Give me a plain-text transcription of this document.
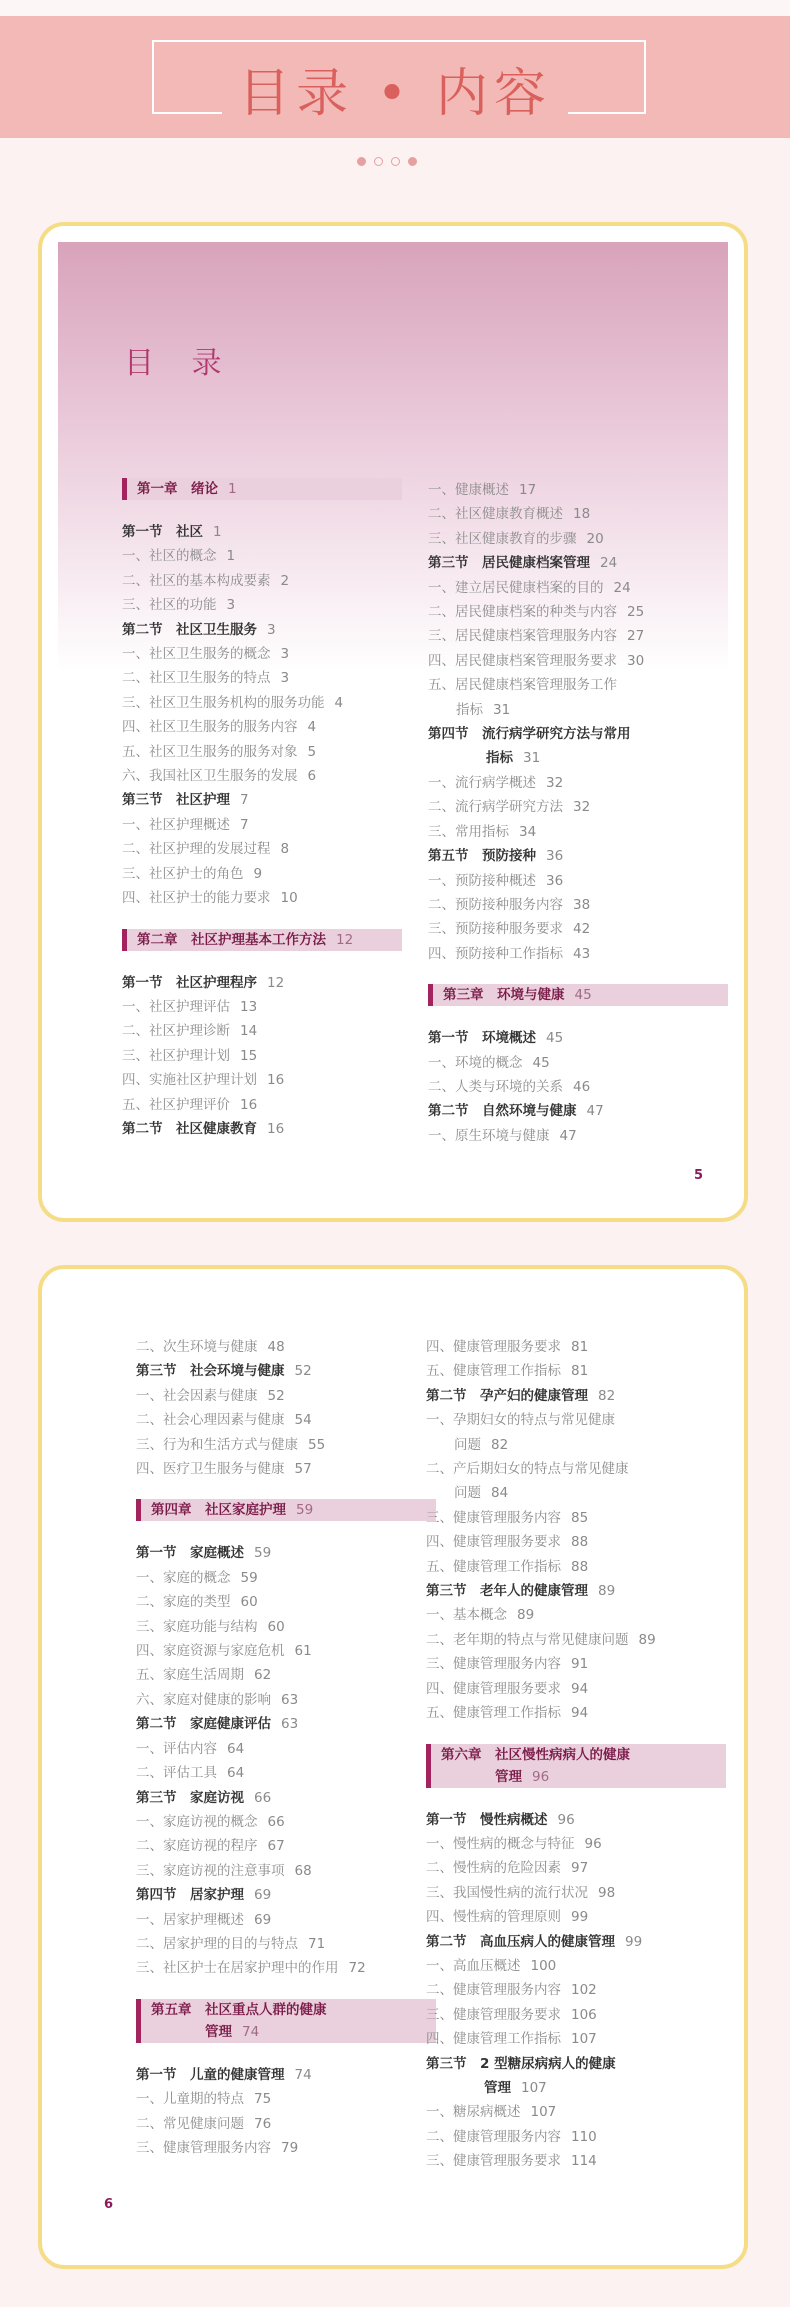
目录 • 内容
目 录
第一章　绪论 1
第一节　社区 1
一、社区的概念 1
二、社区的基本构成要素 2
三、社区的功能 3
第二节　社区卫生服务 3
一、社区卫生服务的概念 3
二、社区卫生服务的特点 3
三、社区卫生服务机构的服务功能 4
四、社区卫生服务的服务内容 4
五、社区卫生服务的服务对象 5
六、我国社区卫生服务的发展 6
第三节　社区护理 7
一、社区护理概述 7
二、社区护理的发展过程 8
三、社区护士的角色 9
四、社区护士的能力要求 10
第二章　社区护理基本工作方法 12
第一节　社区护理程序 12
一、社区护理评估 13
二、社区护理诊断 14
三、社区护理计划 15
四、实施社区护理计划 16
五、社区护理评价 16
第二节　社区健康教育 16
一、健康概述 17
二、社区健康教育概述 18
三、社区健康教育的步骤 20
第三节　居民健康档案管理 24
一、建立居民健康档案的目的 24
二、居民健康档案的种类与内容 25
三、居民健康档案管理服务内容 27
四、居民健康档案管理服务要求 30
五、居民健康档案管理服务工作
指标 31
第四节　流行病学研究方法与常用
指标 31
一、流行病学概述 32
二、流行病学研究方法 32
三、常用指标 34
第五节　预防接种 36
一、预防接种概述 36
二、预防接种服务内容 38
三、预防接种服务要求 42
四、预防接种工作指标 43
第三章　环境与健康 45
第一节　环境概述 45
一、环境的概念 45
二、人类与环境的关系 46
第二节　自然环境与健康 47
一、原生环境与健康 47
5
二、次生环境与健康 48
第三节　社会环境与健康 52
一、社会因素与健康 52
二、社会心理因素与健康 54
三、行为和生活方式与健康 55
四、医疗卫生服务与健康 57
第四章　社区家庭护理 59
第一节　家庭概述 59
一、家庭的概念 59
二、家庭的类型 60
三、家庭功能与结构 60
四、家庭资源与家庭危机 61
五、家庭生活周期 62
六、家庭对健康的影响 63
第二节　家庭健康评估 63
一、评估内容 64
二、评估工具 64
第三节　家庭访视 66
一、家庭访视的概念 66
二、家庭访视的程序 67
三、家庭访视的注意事项 68
第四节　居家护理 69
一、居家护理概述 69
二、居家护理的目的与特点 71
三、社区护士在居家护理中的作用 72
第五章　社区重点人群的健康
管理 74
第一节　儿童的健康管理 74
一、儿童期的特点 75
二、常见健康问题 76
三、健康管理服务内容 79
四、健康管理服务要求 81
五、健康管理工作指标 81
第二节　孕产妇的健康管理 82
一、孕期妇女的特点与常见健康
问题 82
二、产后期妇女的特点与常见健康
问题 84
三、健康管理服务内容 85
四、健康管理服务要求 88
五、健康管理工作指标 88
第三节　老年人的健康管理 89
一、基本概念 89
二、老年期的特点与常见健康问题 89
三、健康管理服务内容 91
四、健康管理服务要求 94
五、健康管理工作指标 94
第六章　社区慢性病病人的健康
管理 96
第一节　慢性病概述 96
一、慢性病的概念与特征 96
二、慢性病的危险因素 97
三、我国慢性病的流行状况 98
四、慢性病的管理原则 99
第二节　高血压病人的健康管理 99
一、高血压概述 100
二、健康管理服务内容 102
三、健康管理服务要求 106
四、健康管理工作指标 107
第三节　2 型糖尿病病人的健康
管理 107
一、糖尿病概述 107
二、健康管理服务内容 110
三、健康管理服务要求 114
6
